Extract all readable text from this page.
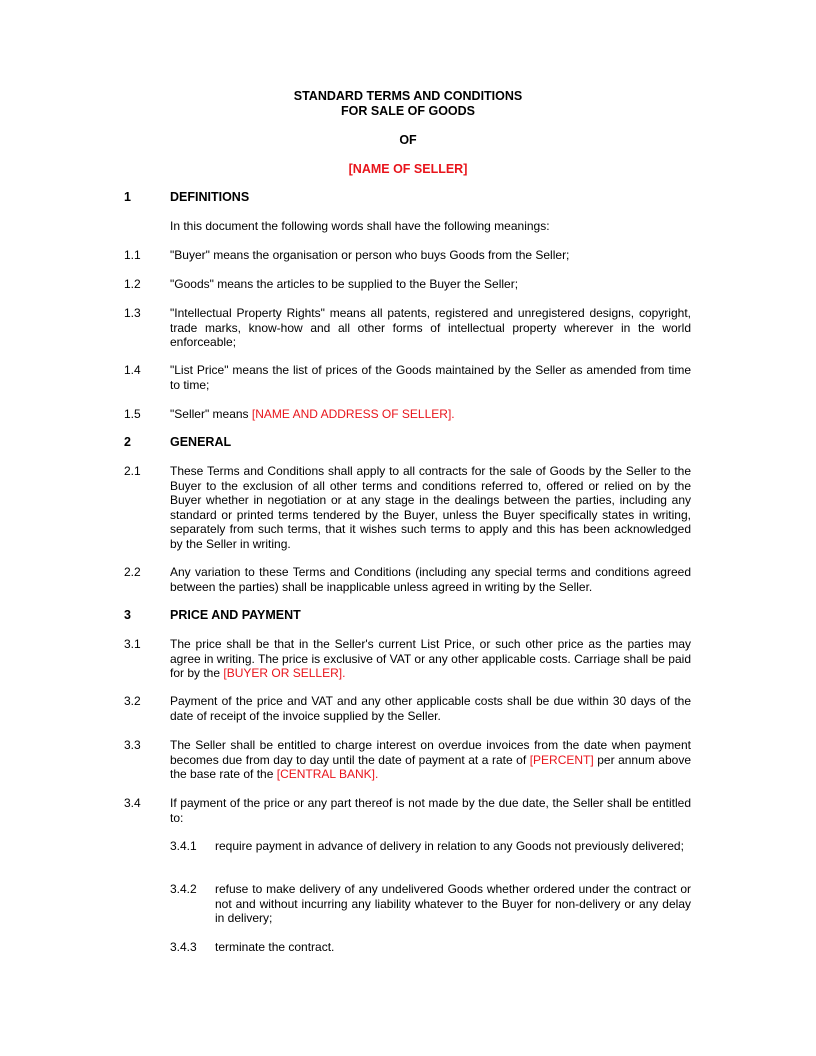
STANDARD TERMS AND CONDITIONS
FOR SALE OF GOODS
OF
[NAME OF SELLER]
1	DEFINITIONS
In this document the following words shall have the following meanings:
1.1 "Buyer" means the organisation or person who buys Goods from the Seller;
1.2 "Goods" means the articles to be supplied to the Buyer the Seller;
1.3 "Intellectual Property Rights" means all patents, registered and unregistered designs, copyright, trade marks, know-how and all other forms of intellectual property wherever in the world enforceable;
1.4 "List Price" means the list of prices of the Goods maintained by the Seller as amended from time to time;
1.5 "Seller" means [NAME AND ADDRESS OF SELLER].
2	GENERAL
2.1 These Terms and Conditions shall apply to all contracts for the sale of Goods by the Seller to the Buyer to the exclusion of all other terms and conditions referred to, offered or relied on by the Buyer whether in negotiation or at any stage in the dealings between the parties, including any standard or printed terms tendered by the Buyer, unless the Buyer specifically states in writing, separately from such terms, that it wishes such terms to apply and this has been acknowledged by the Seller in writing.
2.2 Any variation to these Terms and Conditions (including any special terms and conditions agreed between the parties) shall be inapplicable unless agreed in writing by the Seller.
3	PRICE AND PAYMENT
3.1 The price shall be that in the Seller's current List Price, or such other price as the parties may agree in writing. The price is exclusive of VAT or any other applicable costs. Carriage shall be paid for by the [BUYER OR SELLER].
3.2 Payment of the price and VAT and any other applicable costs shall be due within 30 days of the date of receipt of the invoice supplied by the Seller.
3.3 The Seller shall be entitled to charge interest on overdue invoices from the date when payment becomes due from day to day until the date of payment at a rate of [PERCENT] per annum above the base rate of the [CENTRAL BANK].
3.4 If payment of the price or any part thereof is not made by the due date, the Seller shall be entitled to:
3.4.1 require payment in advance of delivery in relation to any Goods not previously delivered;
3.4.2 refuse to make delivery of any undelivered Goods whether ordered under the contract or not and without incurring any liability whatever to the Buyer for non-delivery or any delay in delivery;
3.4.3 terminate the contract.
